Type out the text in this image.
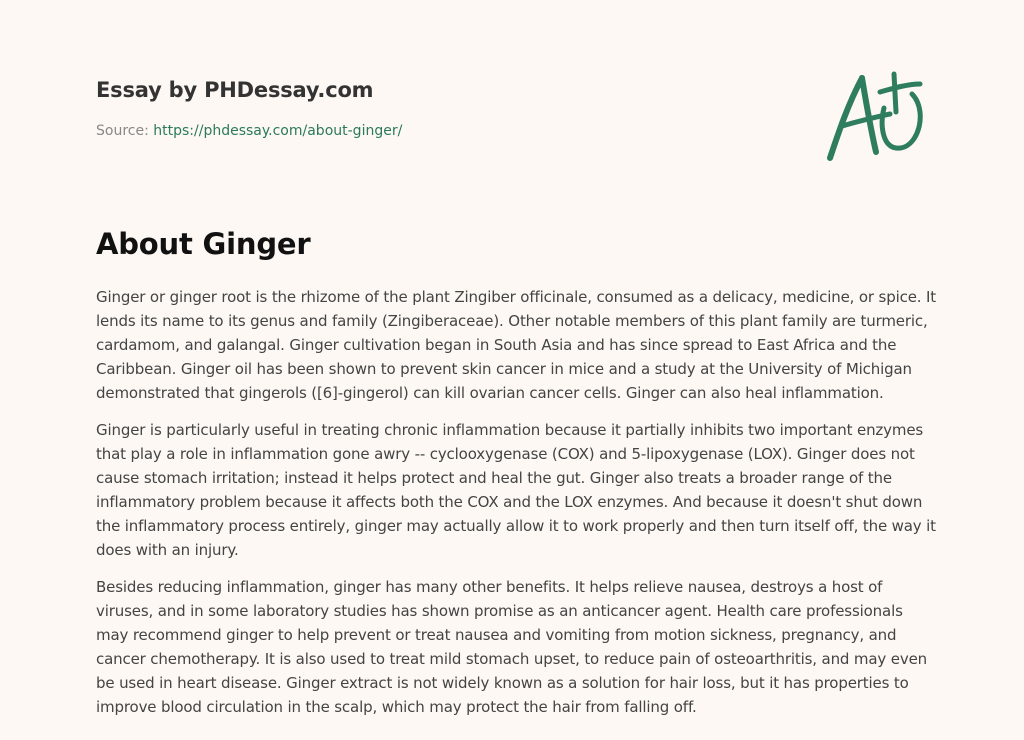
Essay by PHDessay.com
Source: https://phdessay.com/about-ginger/
About Ginger

Ginger or ginger root is the rhizome of the plant Zingiber officinale, consumed as a delicacy, medicine, or spice. It lends its name to its genus and family (Zingiberaceae). Other notable members of this plant family are turmeric, cardamom, and galangal. Ginger cultivation began in South Asia and has since spread to East Africa and the Caribbean. Ginger oil has been shown to prevent skin cancer in mice and a study at the University of Michigan demonstrated that gingerols ([6]-gingerol) can kill ovarian cancer cells. Ginger can also heal inflammation.

Ginger is particularly useful in treating chronic inflammation because it partially inhibits two important enzymes that play a role in inflammation gone awry -- cyclooxygenase (COX) and 5-lipoxygenase (LOX). Ginger does not cause stomach irritation; instead it helps protect and heal the gut. Ginger also treats a broader range of the inflammatory problem because it affects both the COX and the LOX enzymes. And because it doesn't shut down the inflammatory process entirely, ginger may actually allow it to work properly and then turn itself off, the way it does with an injury.

Besides reducing inflammation, ginger has many other benefits. It helps relieve nausea, destroys a host of viruses, and in some laboratory studies has shown promise as an anticancer agent. Health care professionals may recommend ginger to help prevent or treat nausea and vomiting from motion sickness, pregnancy, and cancer chemotherapy. It is also used to treat mild stomach upset, to reduce pain of osteoarthritis, and may even be used in heart disease. Ginger extract is not widely known as a solution for hair loss, but it has properties to improve blood circulation in the scalp, which may protect the hair from falling off.
